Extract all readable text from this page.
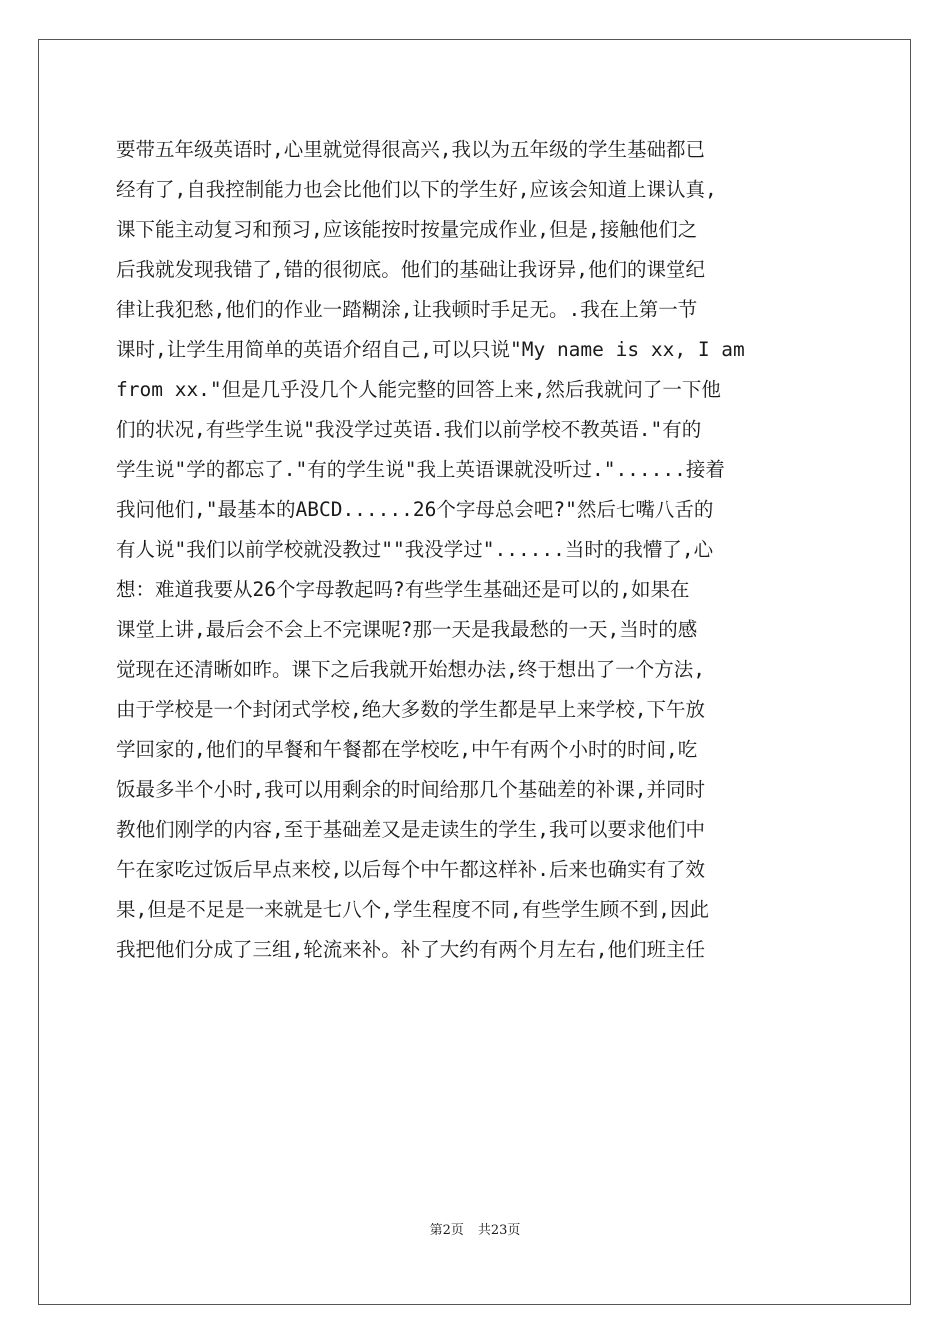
要带五年级英语时,心里就觉得很高兴,我以为五年级的学生基础都已
经有了,自我控制能力也会比他们以下的学生好,应该会知道上课认真,
课下能主动复习和预习,应该能按时按量完成作业,但是,接触他们之
后我就发现我错了,错的很彻底。他们的基础让我讶异,他们的课堂纪
律让我犯愁,他们的作业一踏糊涂,让我顿时手足无。.我在上第一节
课时,让学生用简单的英语介绍自己,可以只说"My name is xx, I am
from xx."但是几乎没几个人能完整的回答上来,然后我就问了一下他
们的状况,有些学生说"我没学过英语.我们以前学校不教英语."有的
学生说"学的都忘了."有的学生说"我上英语课就没听过."......接着
我问他们,"最基本的ABCD......26个字母总会吧?"然后七嘴八舌的
有人说"我们以前学校就没教过""我没学过"......当时的我懵了,心
想：难道我要从26个字母教起吗?有些学生基础还是可以的,如果在
课堂上讲,最后会不会上不完课呢?那一天是我最愁的一天,当时的感
觉现在还清晰如昨。课下之后我就开始想办法,终于想出了一个方法,
由于学校是一个封闭式学校,绝大多数的学生都是早上来学校,下午放
学回家的,他们的早餐和午餐都在学校吃,中午有两个小时的时间,吃
饭最多半个小时,我可以用剩余的时间给那几个基础差的补课,并同时
教他们刚学的内容,至于基础差又是走读生的学生,我可以要求他们中
午在家吃过饭后早点来校,以后每个中午都这样补.后来也确实有了效
果,但是不足是一来就是七八个,学生程度不同,有些学生顾不到,因此
我把他们分成了三组,轮流来补。补了大约有两个月左右,他们班主任
第2页 共23页
